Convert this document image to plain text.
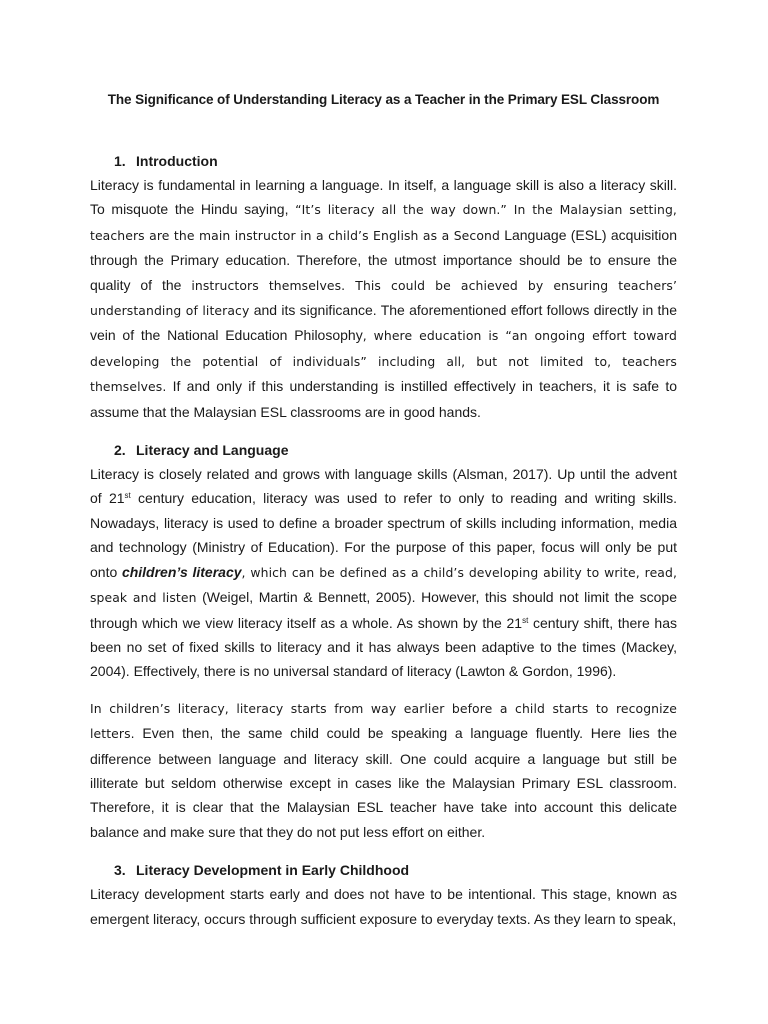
The Significance of Understanding Literacy as a Teacher in the Primary ESL Classroom
1. Introduction

Literacy is fundamental in learning a language. In itself, a language skill is also a literacy skill. To misquote the Hindu saying, “It’s literacy all the way down.” In the Malaysian setting, teachers are the main instructor in a child’s English as a Second Language (ESL) acquisition through the Primary education. Therefore, the utmost importance should be to ensure the quality of the instructors themselves. This could be achieved by ensuring teachers’ understanding of literacy and its significance. The aforementioned effort follows directly in the vein of the National Education Philosophy, where education is “an ongoing effort toward developing the potential of individuals” including all, but not limited to, teachers themselves. If and only if this understanding is instilled effectively in teachers, it is safe to assume that the Malaysian ESL classrooms are in good hands.

2. Literacy and Language

Literacy is closely related and grows with language skills (Alsman, 2017). Up until the advent of 21st century education, literacy was used to refer to only to reading and writing skills. Nowadays, literacy is used to define a broader spectrum of skills including information, media and technology (Ministry of Education). For the purpose of this paper, focus will only be put onto children’s literacy, which can be defined as a child’s developing ability to write, read, speak and listen (Weigel, Martin & Bennett, 2005). However, this should not limit the scope through which we view literacy itself as a whole. As shown by the 21st century shift, there has been no set of fixed skills to literacy and it has always been adaptive to the times (Mackey, 2004). Effectively, there is no universal standard of literacy (Lawton & Gordon, 1996).

In children’s literacy, literacy starts from way earlier before a child starts to recognize letters. Even then, the same child could be speaking a language fluently. Here lies the difference between language and literacy skill. One could acquire a language but still be illiterate but seldom otherwise except in cases like the Malaysian Primary ESL classroom. Therefore, it is clear that the Malaysian ESL teacher have take into account this delicate balance and make sure that they do not put less effort on either.

3. Literacy Development in Early Childhood

Literacy development starts early and does not have to be intentional. This stage, known as emergent literacy, occurs through sufficient exposure to everyday texts. As they learn to speak,
